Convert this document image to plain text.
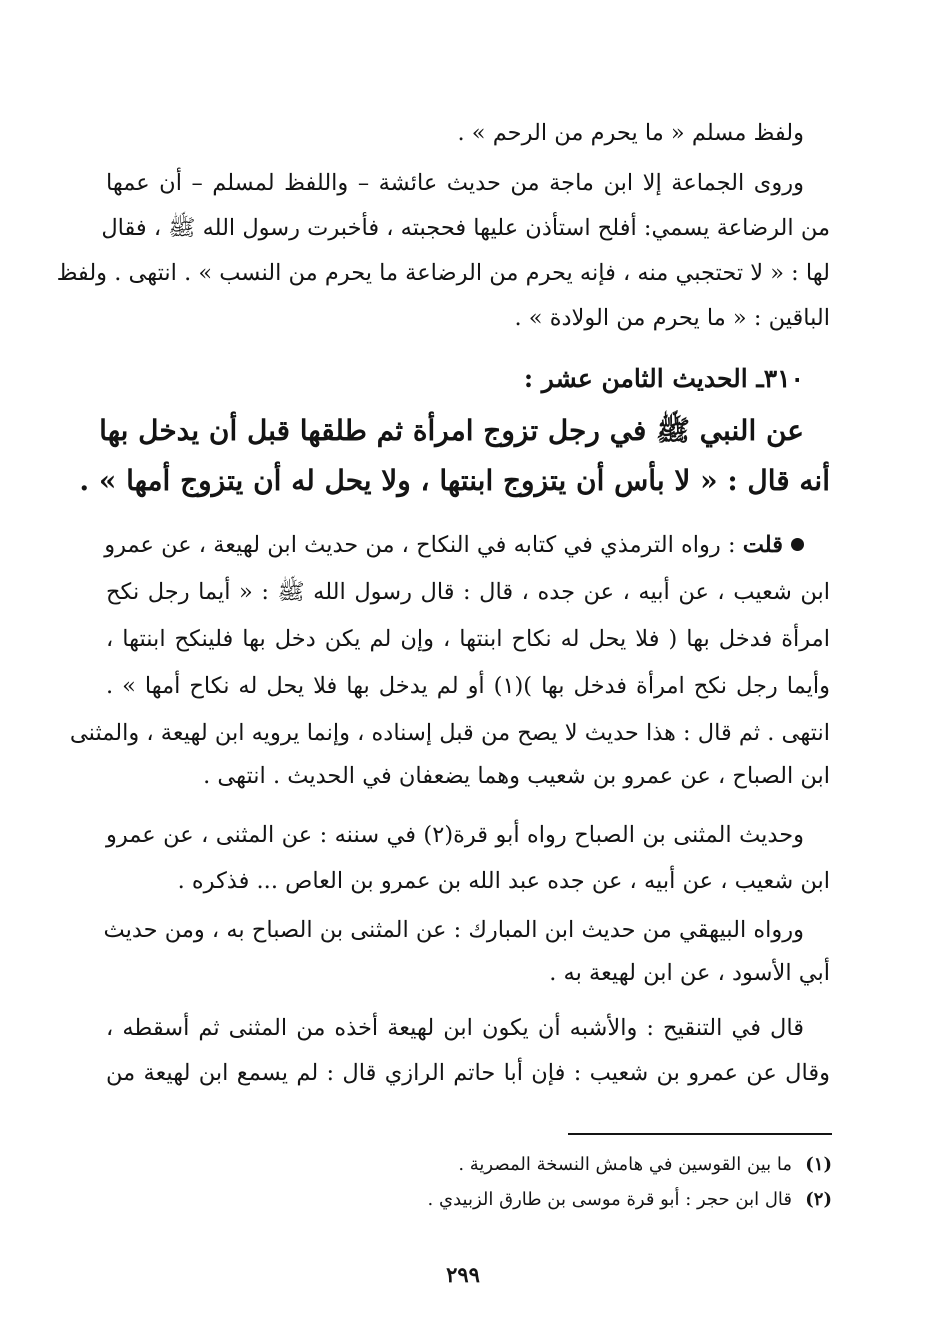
ولفظ مسلم « ما يحرم من الرحم » .
وروى الجماعة إلا ابن ماجة من حديث عائشة – واللفظ لمسلم – أن عمها
من الرضاعة يسمي: أفلح استأذن عليها فحجبته ، فأخبرت رسول الله ﷺ ، فقال
لها : « لا تحتجبي منه ، فإنه يحرم من الرضاعة ما يحرم من النسب » . انتهى . ولفظ
الباقين : « ما يحرم من الولادة » .
٣١٠ـ الحديث الثامن عشر :
عن النبي ﷺ في رجل تزوج امرأة ثم طلقها قبل أن يدخل بها
أنه قال : « لا بأس أن يتزوج ابنتها ، ولا يحل له أن يتزوج أمها » .
قلت : رواه الترمذي في كتابه في النكاح ، من حديث ابن لهيعة ، عن عمرو
ابن شعيب ، عن أبيه ، عن جده ، قال : قال رسول الله ﷺ : « أيما رجل نكح
امرأة فدخل بها ( فلا يحل له نكاح ابنتها ، وإن لم يكن دخل بها فلينكح ابنتها ،
وأيما رجل نكح امرأة فدخل بها )(١) أو لم يدخل بها فلا يحل له نكاح أمها » .
انتهى . ثم قال : هذا حديث لا يصح من قبل إسناده ، وإنما يرويه ابن لهيعة ، والمثنى
ابن الصباح ، عن عمرو بن شعيب وهما يضعفان في الحديث . انتهى .
وحديث المثنى بن الصباح رواه أبو قرة(٢) في سننه : عن المثنى ، عن عمرو
ابن شعيب ، عن أبيه ، عن جده عبد الله بن عمرو بن العاص ... فذكره .
ورواه البيهقي من حديث ابن المبارك : عن المثنى بن الصباح به ، ومن حديث
أبي الأسود ، عن ابن لهيعة به .
قال في التنقيح : والأشبه أن يكون ابن لهيعة أخذه من المثنى ثم أسقطه ،
وقال عن عمرو بن شعيب : فإن أبا حاتم الرازي قال : لم يسمع ابن لهيعة من
(١)ما بين القوسين في هامش النسخة المصرية .
(٢)قال ابن حجر : أبو قرة موسى بن طارق الزبيدي .
٢٩٩
